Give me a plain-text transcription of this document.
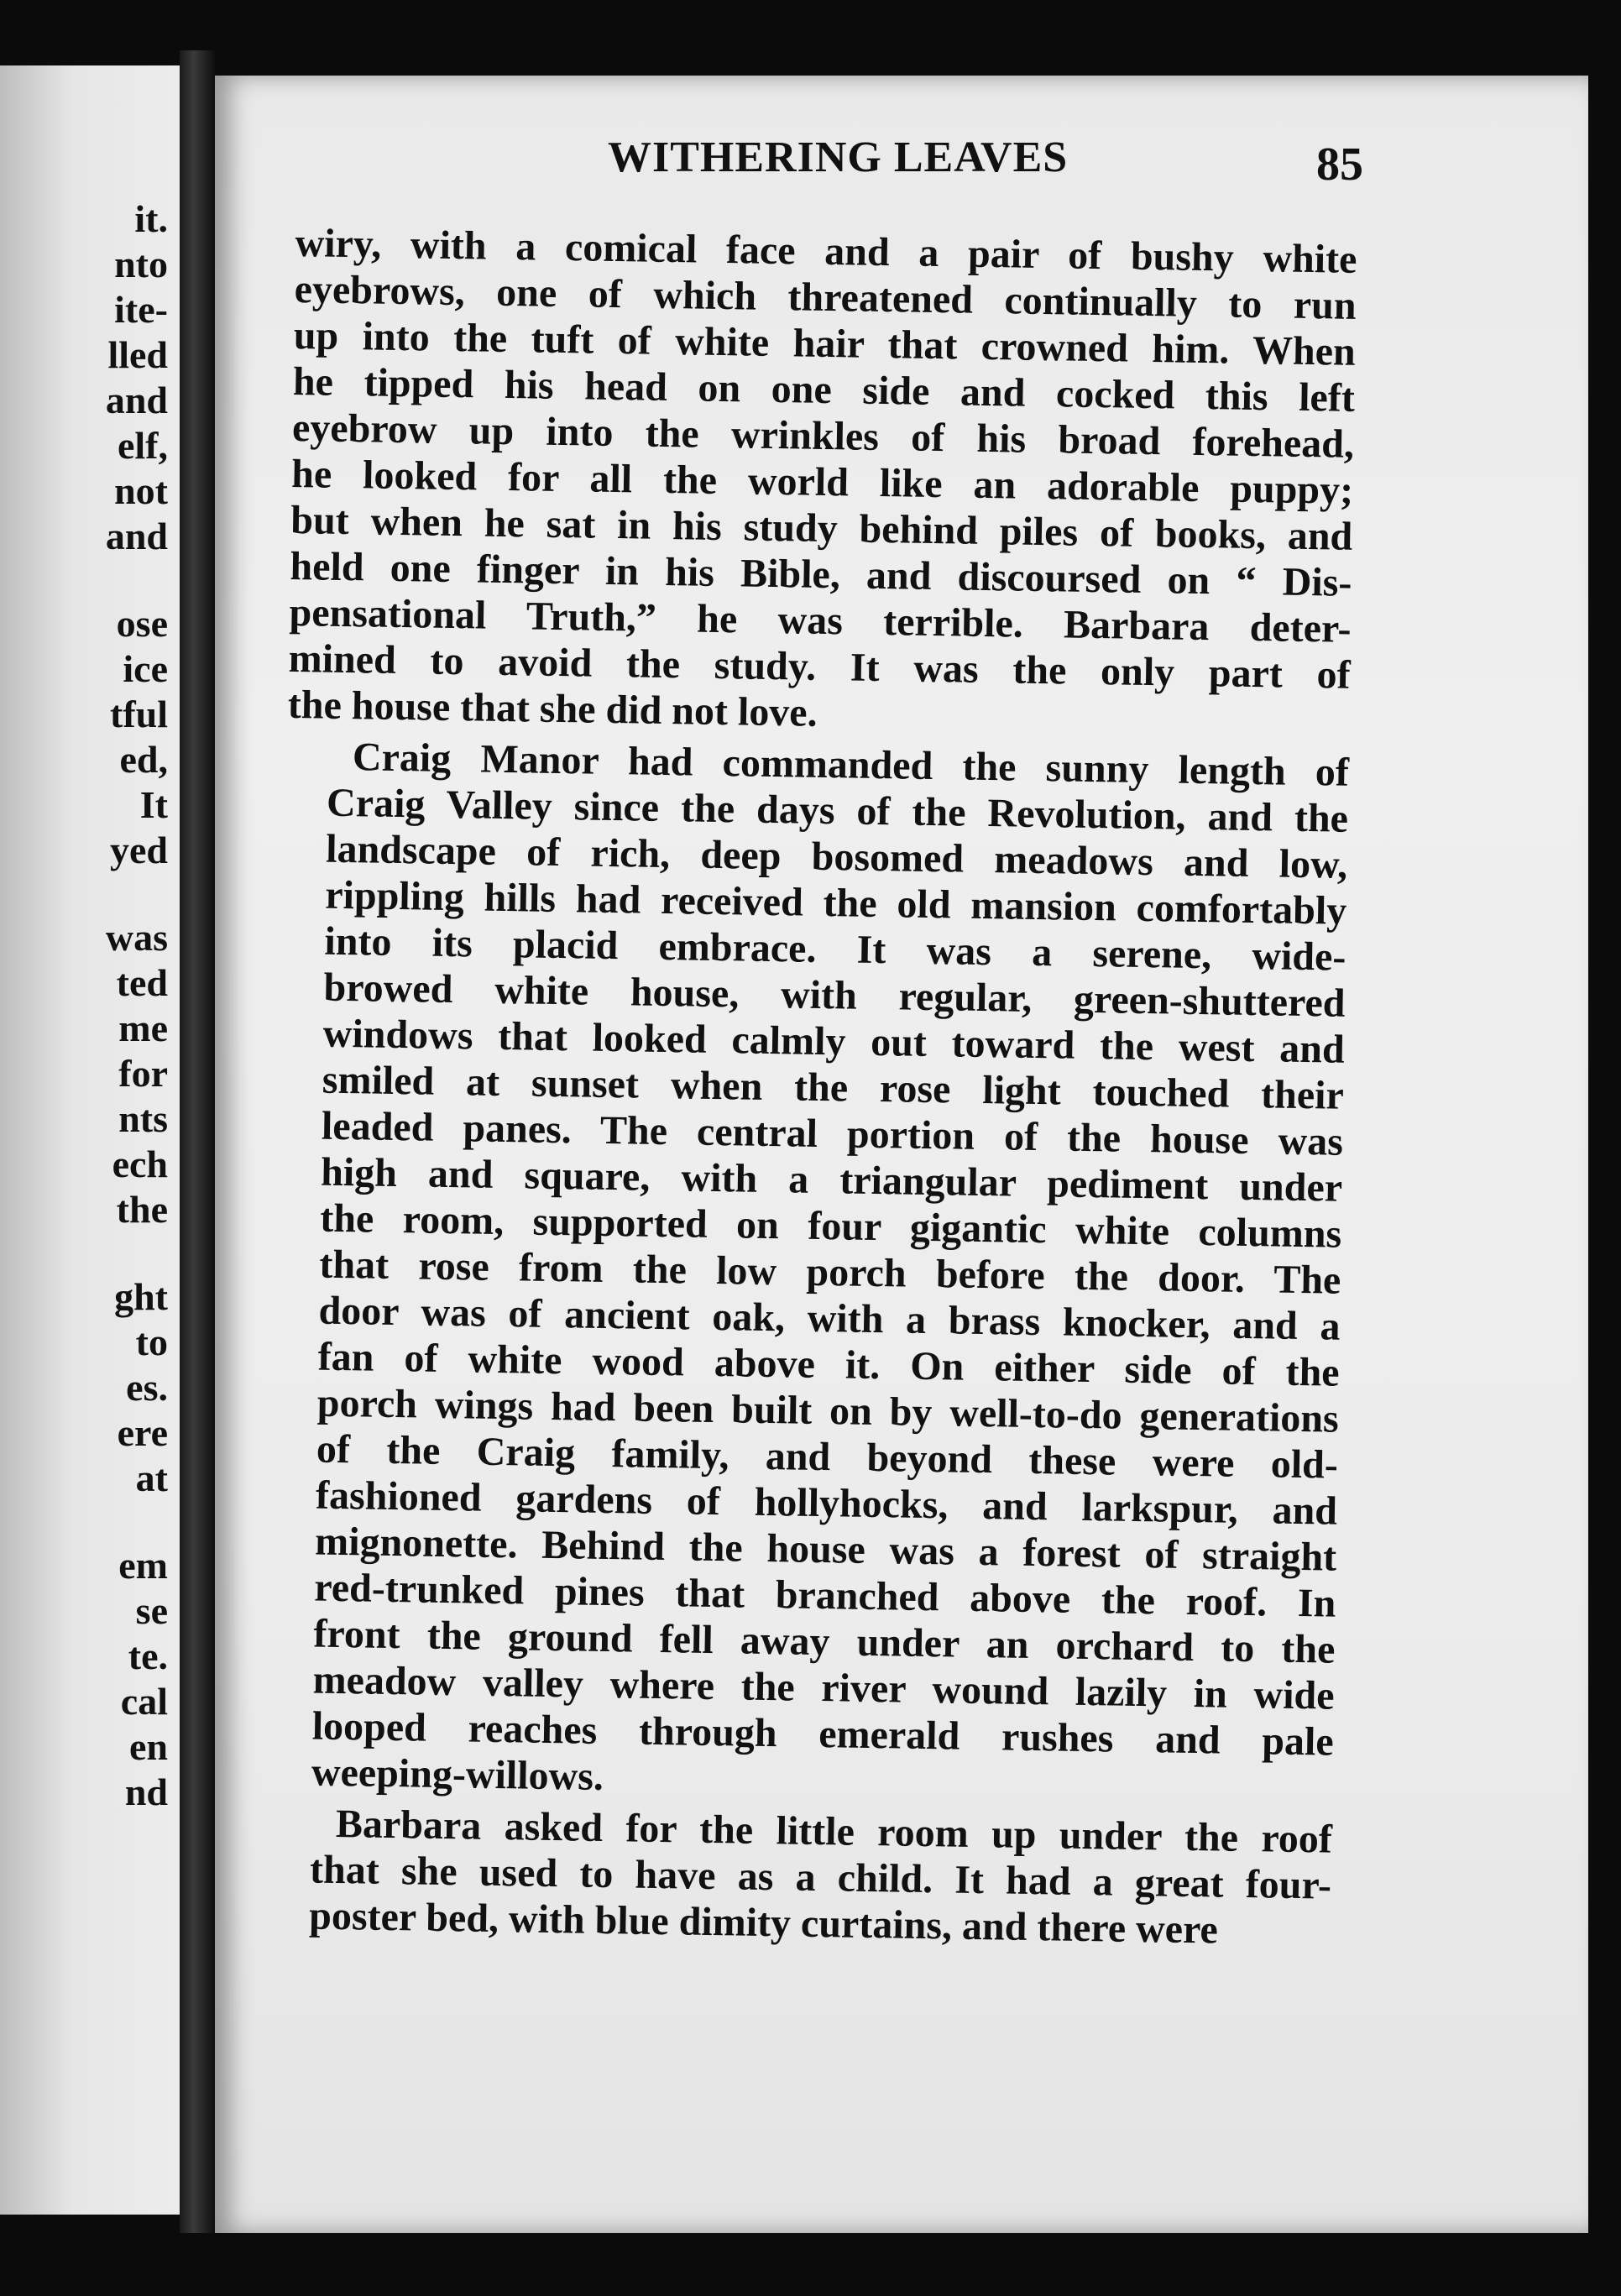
it.
nto
ite-
lled
and
elf,
not
and
ose
ice
tful
ed,
It
yed
was
ted
me
for
nts
ech
the
ght
to
es.
ere
at
em
se
te.
cal
en
nd
WITHERING LEAVES	85
wiry, with a comical face and a pair of bushy white
eyebrows, one of which threatened continually to run
up into the tuft of white hair that crowned him. When
he tipped his head on one side and cocked this left
eyebrow up into the wrinkles of his broad forehead,
he looked for all the world like an adorable puppy;
but when he sat in his study behind piles of books, and
held one finger in his Bible, and discoursed on “ Dis-
pensational Truth,” he was terrible. Barbara deter-
mined to avoid the study. It was the only part of
the house that she did not love.
Craig Manor had commanded the sunny length of
Craig Valley since the days of the Revolution, and the
landscape of rich, deep bosomed meadows and low,
rippling hills had received the old mansion comfortably
into its placid embrace. It was a serene, wide-
browed white house, with regular, green-shuttered
windows that looked calmly out toward the west and
smiled at sunset when the rose light touched their
leaded panes. The central portion of the house was
high and square, with a triangular pediment under
the room, supported on four gigantic white columns
that rose from the low porch before the door. The
door was of ancient oak, with a brass knocker, and a
fan of white wood above it. On either side of the
porch wings had been built on by well-to-do generations
of the Craig family, and beyond these were old-
fashioned gardens of hollyhocks, and larkspur, and
mignonette. Behind the house was a forest of straight
red-trunked pines that branched above the roof. In
front the ground fell away under an orchard to the
meadow valley where the river wound lazily in wide
looped reaches through emerald rushes and pale
weeping-willows.
Barbara asked for the little room up under the roof
that she used to have as a child. It had a great four-
poster bed, with blue dimity curtains, and there were
